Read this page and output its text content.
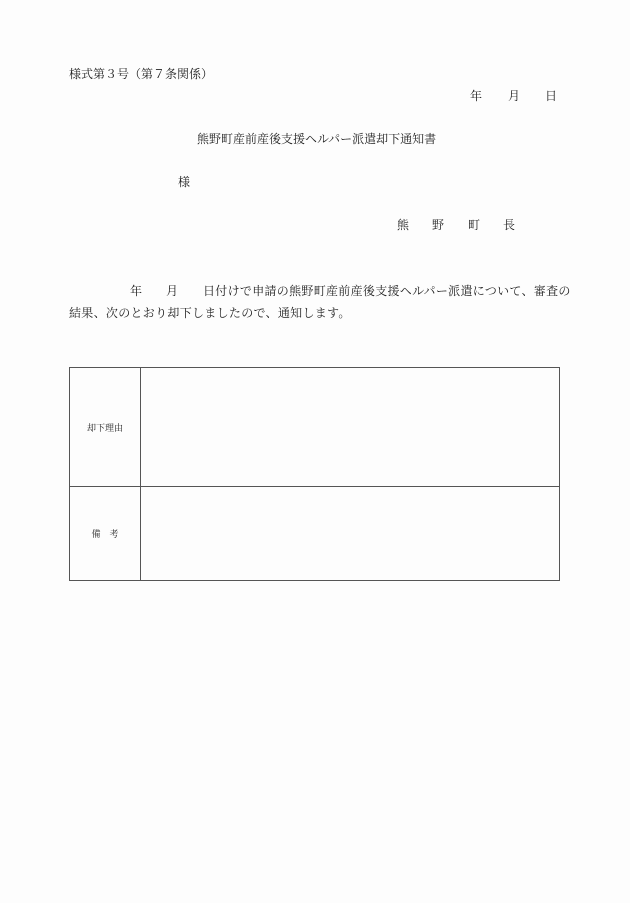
様式第３号（第７条関係）
年 月 日
熊野町産前産後支援ヘルパー派遣却下通知書
様
熊 野 町 長
年 月 日付けで申請の熊野町産前産後支援ヘルパー派遣について、審査の
結果、次のとおり却下しましたので、通知します。
却下理由	
備　考	
